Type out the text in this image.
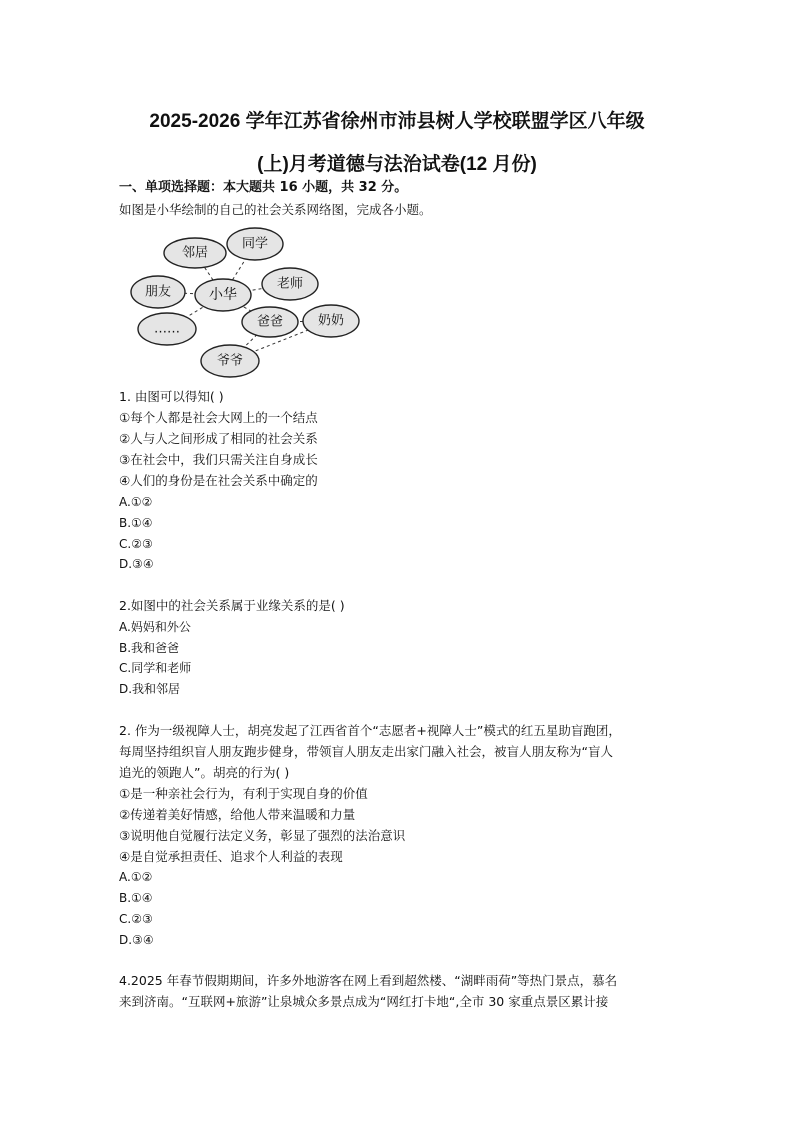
2025-2026 学年江苏省徐州市沛县树人学校联盟学区八年级
(上)月考道德与法治试卷(12 月份)
一、单项选择题：本大题共 16 小题，共 32 分。
如图是小华绘制的自己的社会关系网络图，完成各小题。
邻居
同学
朋友	小华
老师
……	爸爸	奶奶
爷爷
1. 由图可以得知( )
①每个人都是社会大网上的一个结点
②人与人之间形成了相同的社会关系
③在社会中，我们只需关注自身成长
④人们的身份是在社会关系中确定的
A.①②
B.①④
C.②③
D.③④
2.如图中的社会关系属于业缘关系的是( )
A.妈妈和外公
B.我和爸爸
C.同学和老师
D.我和邻居
2. 作为一级视障人士，胡亮发起了江西省首个“志愿者+视障人士”模式的红五星助盲跑团，
每周坚持组织盲人朋友跑步健身，带领盲人朋友走出家门融入社会，被盲人朋友称为“盲人
追光的领跑人”。胡亮的行为( )
①是一种亲社会行为，有利于实现自身的价值
②传递着美好情感，给他人带来温暖和力量
③说明他自觉履行法定义务，彰显了强烈的法治意识
④是自觉承担责任、追求个人利益的表现
A.①②
B.①④
C.②③
D.③④
4.2025 年春节假期期间，许多外地游客在网上看到超然楼、“湖畔雨荷”等热门景点，慕名
来到济南。“互联网+旅游”让泉城众多景点成为“网红打卡地“,全市 30 家重点景区累计接
